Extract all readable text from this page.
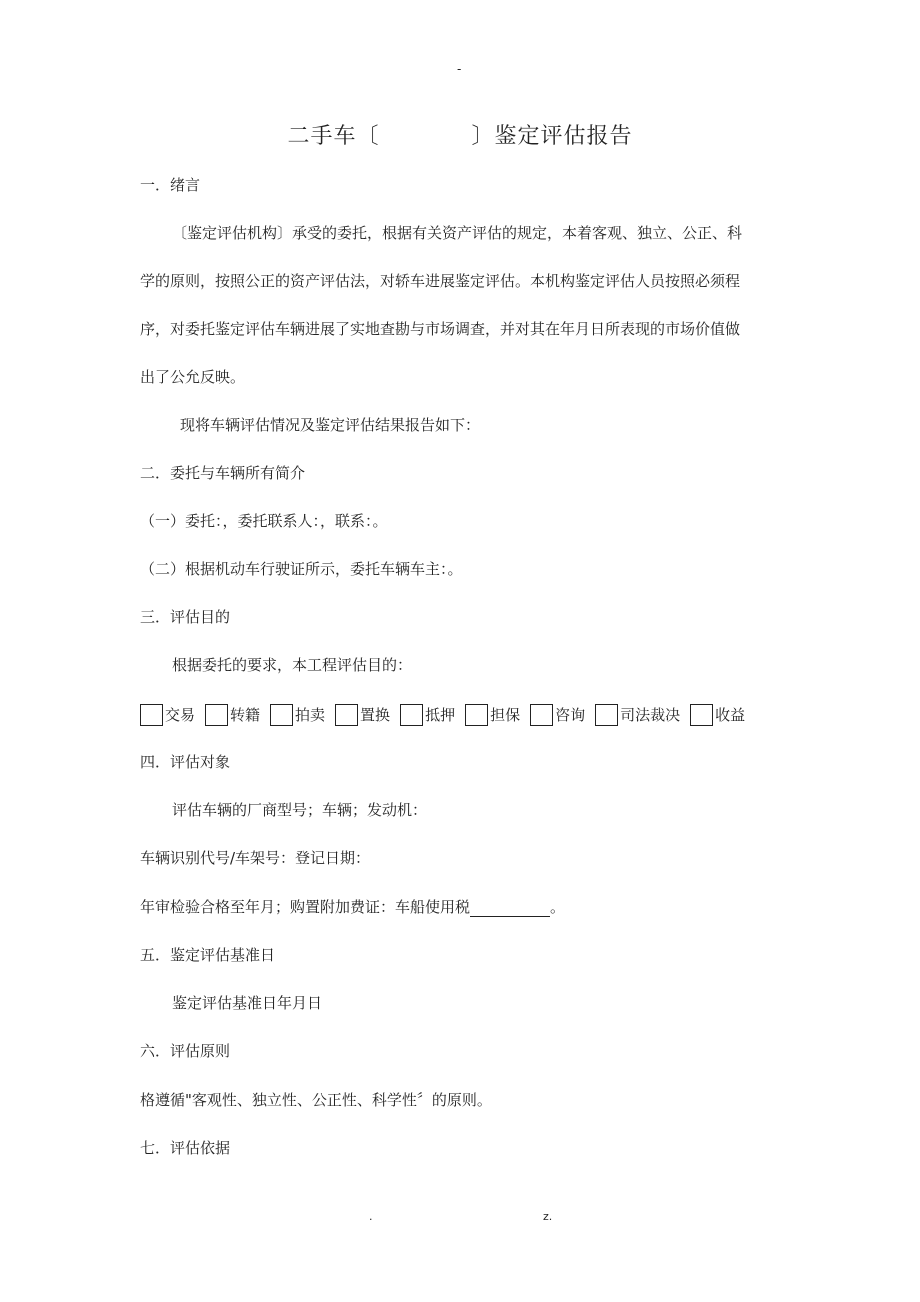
-
二手车〔　　　　〕鉴定评估报告
一．绪言
〔鉴定评估机构〕承受的委托，根据有关资产评估的规定，本着客观、独立、公正、科
学的原则，按照公正的资产评估法，对轿车进展鉴定评估。本机构鉴定评估人员按照必须程
序，对委托鉴定评估车辆进展了实地查勘与市场调查，并对其在年月日所表现的市场价值做
出了公允反映。
现将车辆评估情况及鉴定评估结果报告如下：
二．委托与车辆所有简介
（一）委托：，委托联系人：，联系：。
（二）根据机动车行驶证所示，委托车辆车主：。
三．评估目的
根据委托的要求，本工程评估目的：
交易 转籍 拍卖 置换 抵押 担保 咨询 司法裁决 收益
四．评估对象
评估车辆的厂商型号；车辆；发动机：
车辆识别代号/车架号：登记日期：
年审检验合格至年月；购置附加费证：车船使用税	。
五．鉴定评估基准日
鉴定评估基准日年月日
六．评估原则
格遵循"客观性、独立性、公正性、科学性〞的原则。
七．评估依据
.	z.
